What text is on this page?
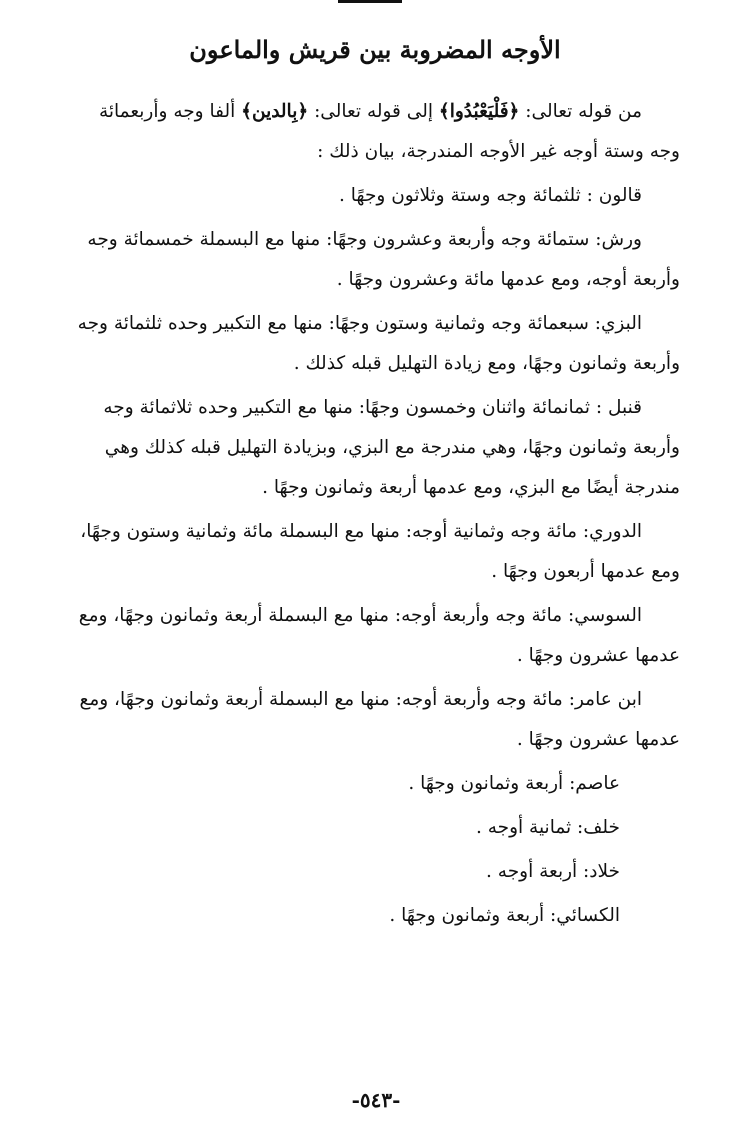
الأوجه المضروبة بين قريش والماعون

من قوله تعالى: ﴿فَلْيَعْبُدُوا﴾ إلى قوله تعالى: ﴿بِالدين﴾ ألفا وجه وأربعمائة وجه وستة أوجه غير الأوجه المندرجة، بيان ذلك :

قالون : ثلثمائة وجه وستة وثلاثون وجهًا .

ورش: ستمائة وجه وأربعة وعشرون وجهًا: منها مع البسملة خمسمائة وجه وأربعة أوجه، ومع عدمها مائة وعشرون وجهًا .

البزي: سبعمائة وجه وثمانية وستون وجهًا: منها مع التكبير وحده ثلثمائة وجه وأربعة وثمانون وجهًا، ومع زيادة التهليل قبله كذلك .

قنبل : ثمانمائة واثنان وخمسون وجهًا: منها مع التكبير وحده ثلاثمائة وجه وأربعة وثمانون وجهًا، وهي مندرجة مع البزي، وبزيادة التهليل قبله كذلك وهي مندرجة أيضًا مع البزي، ومع عدمها أربعة وثمانون وجهًا .

الدوري: مائة وجه وثمانية أوجه: منها مع البسملة مائة وثمانية وستون وجهًا، ومع عدمها أربعون وجهًا .

السوسي: مائة وجه وأربعة أوجه: منها مع البسملة أربعة وثمانون وجهًا، ومع عدمها عشرون وجهًا .

ابن عامر: مائة وجه وأربعة أوجه: منها مع البسملة أربعة وثمانون وجهًا، ومع عدمها عشرون وجهًا .

عاصم: أربعة وثمانون وجهًا .

خلف: ثمانية أوجه .

خلاد: أربعة أوجه .

الكسائي: أربعة وثمانون وجهًا .

-٥٤٣-
